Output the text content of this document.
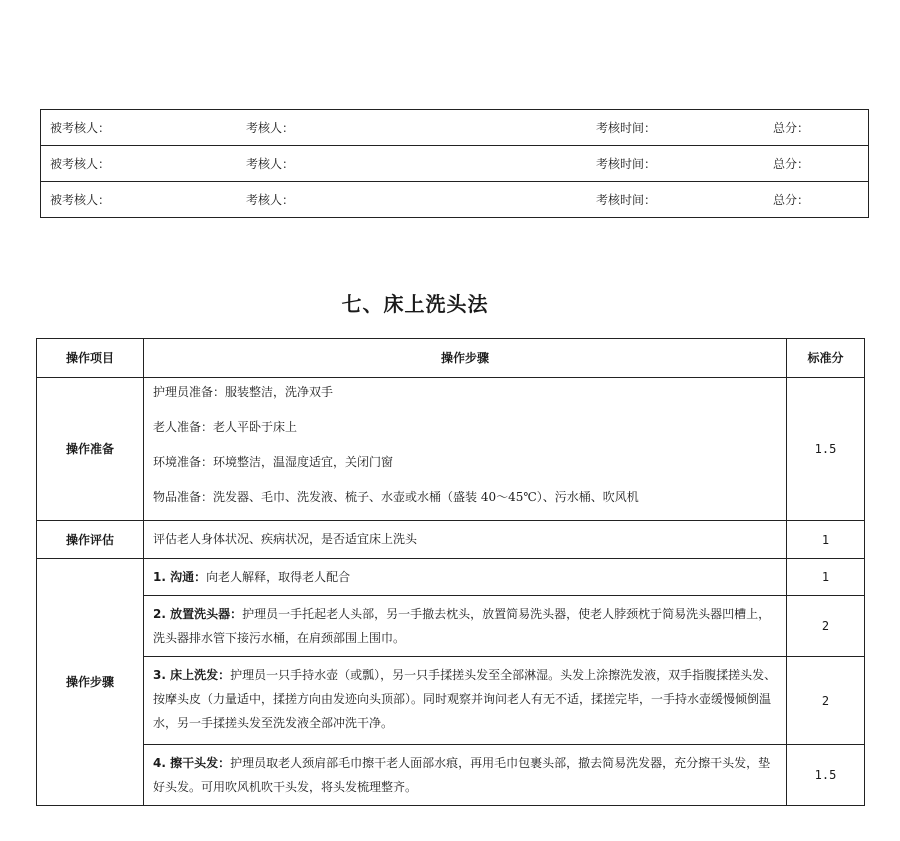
被考核人：	考核人：	考核时间：	总分：
被考核人：	考核人：	考核时间：	总分：
被考核人：	考核人：	考核时间：	总分：
七、床上洗头法
操作项目	操作步骤	标准分
操作准备	护理员准备：服装整洁，洗净双手
老人准备：老人平卧于床上
环境准备：环境整洁，温湿度适宜，关闭门窗
物品准备：洗发器、毛巾、洗发液、梳子、水壶或水桶（盛装 40～45℃）、污水桶、吹风机	1.5
操作评估	评估老人身体状况、疾病状况，是否适宜床上洗头	1
操作步骤	1. 沟通：向老人解释，取得老人配合	1
	2. 放置洗头器：护理员一手托起老人头部，另一手撤去枕头，放置简易洗头器，使老人脖颈枕于简易洗头器凹槽上，洗头器排水管下接污水桶，在肩颈部围上围巾。	2
	3. 床上洗发：护理员一只手持水壶（或瓢），另一只手揉搓头发至全部淋湿。头发上涂擦洗发液，双手指腹揉搓头发、按摩头皮（力量适中，揉搓方向由发迹向头顶部）。同时观察并询问老人有无不适，揉搓完毕，一手持水壶缓慢倾倒温水，另一手揉搓头发至洗发液全部冲洗干净。	2
	4. 擦干头发：护理员取老人颈肩部毛巾擦干老人面部水痕，再用毛巾包裹头部，撤去简易洗发器，充分擦干头发，垫好头发。可用吹风机吹干头发，将头发梳理整齐。	1.5
